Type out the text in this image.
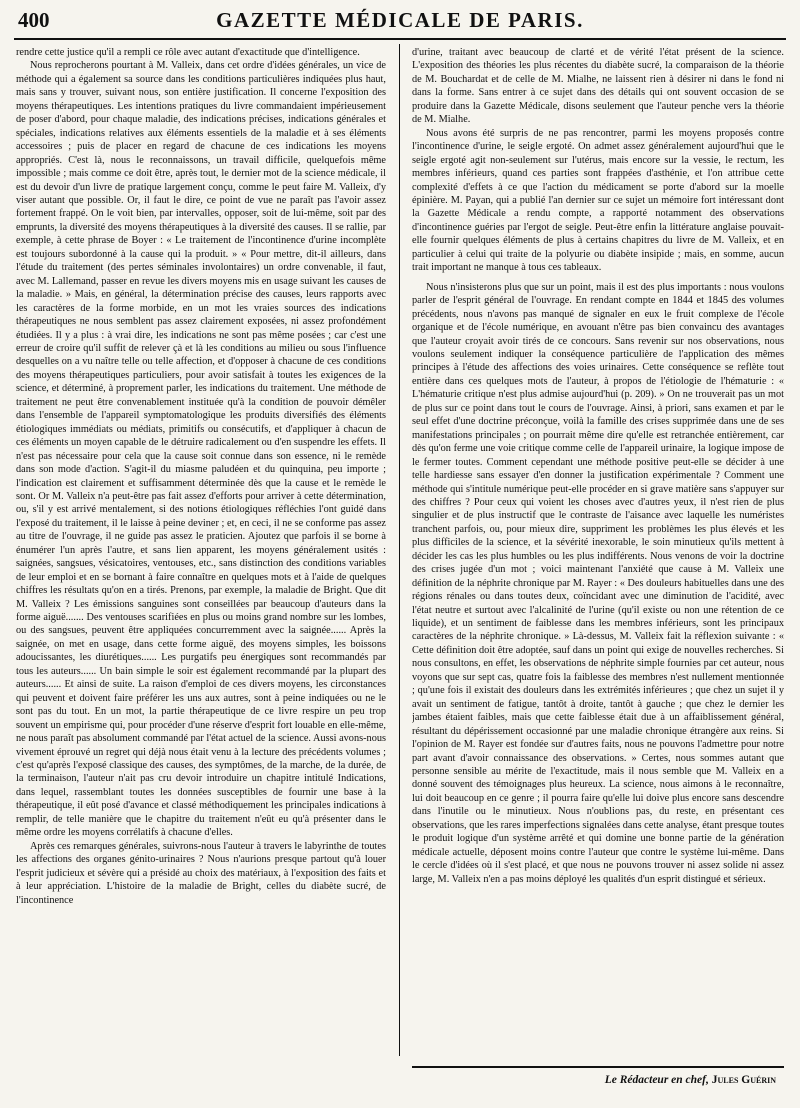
400	GAZETTE MÉDICALE DE PARIS.

rendre cette justice qu'il a rempli ce rôle avec autant d'exactitude que d'intelligence.

Nous reprocherons pourtant à M. Valleix, dans cet ordre d'idées générales, un vice de méthode qui a également sa source dans les conditions particulières indiquées plus haut, mais sans y trouver, suivant nous, son entière justification. Il concerne l'exposition des moyens thérapeutiques. Les intentions pratiques du livre commandaient impérieusement de poser d'abord, pour chaque maladie, des indications précises, indications générales et spéciales, indications relatives aux éléments essentiels de la maladie et à ses éléments accessoires ; puis de placer en regard de chacune de ces indications les moyens appropriés. C'est là, nous le reconnaissons, un travail difficile, quelquefois même impossible ; mais comme ce doit être, après tout, le dernier mot de la science médicale, il est du devoir d'un livre de pratique largement conçu, comme le peut faire M. Valleix, d'y viser autant que possible. Or, il faut le dire, ce point de vue ne paraît pas l'avoir assez fortement frappé. On le voit bien, par intervalles, opposer, soit de lui-même, soit par des emprunts, la diversité des moyens thérapeutiques à la diversité des causes. Il se rallie, par exemple, à cette phrase de Boyer : « Le traitement de l'incontinence d'urine incomplète est toujours subordonné à la cause qui la produit. » « Pour mettre, dit-il ailleurs, dans l'étude du traitement (des pertes séminales involontaires) un ordre convenable, il faut, avec M. Lallemand, passer en revue les divers moyens mis en usage suivant les causes de la maladie. » Mais, en général, la détermination précise des causes, leurs rapports avec les caractères de la forme morbide, en un mot les vraies sources des indications thérapeutiques ne nous semblent pas assez clairement exposées, ni assez profondément étudiées. Il y a plus : à vrai dire, les indications ne sont pas même posées ; car c'est une erreur de croire qu'il suffit de relever çà et là les conditions au milieu ou sous l'influence desquelles on a vu naître telle ou telle affection, et d'opposer à chacune de ces conditions des moyens thérapeutiques particuliers, pour avoir satisfait à toutes les exigences de la science, et déterminé, à proprement parler, les indications du traitement. Une méthode de traitement ne peut être convenablement instituée qu'à la condition de pouvoir démêler dans l'ensemble de l'appareil symptomatologique les produits diversifiés des éléments étiologiques immédiats ou médiats, primitifs ou consécutifs, et d'appliquer à chacun de ces éléments un moyen capable de le détruire radicalement ou d'en suspendre les effets. Il n'est pas nécessaire pour cela que la cause soit connue dans son essence, ni le remède dans son mode d'action. S'agit-il du miasme paludéen et du quinquina, peu importe ; l'indication est clairement et suffisamment déterminée dès que la cause et le remède le sont. Or M. Valleix n'a peut-être pas fait assez d'efforts pour arriver à cette détermination, ou, s'il y est arrivé mentalement, si des notions étiologiques réfléchies l'ont guidé dans l'exposé du traitement, il le laisse à peine deviner ; et, en ceci, il ne se conforme pas assez au titre de l'ouvrage, il ne guide pas assez le praticien. Ajoutez que parfois il se borne à énumérer l'un après l'autre, et sans lien apparent, les moyens généralement usités : saignées, sangsues, vésicatoires, ventouses, etc., sans distinction des conditions variables de leur emploi et en se bornant à faire connaître en quelques mots et à l'aide de quelques chiffres les résultats qu'on en a tirés. Prenons, par exemple, la maladie de Bright. Que dit M. Valleix ? Les émissions sanguines sont conseillées par beaucoup d'auteurs dans la forme aiguë....... Des ventouses scarifiées en plus ou moins grand nombre sur les lombes, ou des sangsues, peuvent être appliquées concurremment avec la saignée...... Après la saignée, on met en usage, dans cette forme aiguë, des moyens simples, les boissons adoucissantes, les diurétiques...... Les purgatifs peu énergiques sont recommandés par tous les auteurs...... Un bain simple le soir est également recommandé par la plupart des auteurs...... Et ainsi de suite. La raison d'emploi de ces divers moyens, les circonstances qui peuvent et doivent faire préférer les uns aux autres, sont à peine indiquées ou ne le sont pas du tout. En un mot, la partie thérapeutique de ce livre respire un peu trop souvent un empirisme qui, pour procéder d'une réserve d'esprit fort louable en elle-même, ne nous paraît pas absolument commandé par l'état actuel de la science. Aussi avons-nous vivement éprouvé un regret qui déjà nous était venu à la lecture des précédents volumes ; c'est qu'après l'exposé classique des causes, des symptômes, de la marche, de la durée, de la terminaison, l'auteur n'ait pas cru devoir introduire un chapitre intitulé Indications, dans lequel, rassemblant toutes les données susceptibles de fournir une base à la thérapeutique, il eût posé d'avance et classé méthodiquement les principales indications à remplir, de telle manière que le chapitre du traitement n'eût eu qu'à présenter dans le même ordre les moyens corrélatifs à chacune d'elles.

Après ces remarques générales, suivrons-nous l'auteur à travers le labyrinthe de toutes les affections des organes génito-urinaires ? Nous n'aurions presque partout qu'à louer l'esprit judicieux et sévère qui a présidé au choix des matériaux, à l'exposition des faits et à leur appréciation. L'histoire de la maladie de Bright, celles du diabète sucré, de l'incontinence

d'urine, traitant avec beaucoup de clarté et de vérité l'état présent de la science. L'exposition des théories les plus récentes du diabète sucré, la comparaison de la théorie de M. Bouchardat et de celle de M. Mialhe, ne laissent rien à désirer ni dans le fond ni dans la forme. Sans entrer à ce sujet dans des détails qui ont souvent occasion de se produire dans la Gazette Médicale, disons seulement que l'auteur penche vers la théorie de M. Mialhe.

Nous avons été surpris de ne pas rencontrer, parmi les moyens proposés contre l'incontinence d'urine, le seigle ergoté. On admet assez généralement aujourd'hui que le seigle ergoté agit non-seulement sur l'utérus, mais encore sur la vessie, le rectum, les membres inférieurs, quand ces parties sont frappées d'asthénie, et l'on attribue cette complexité d'effets à ce que l'action du médicament se porte d'abord sur la moelle épinière. M. Payan, qui a publié l'an dernier sur ce sujet un mémoire fort intéressant dont la Gazette Médicale a rendu compte, a rapporté notamment des observations d'incontinence guéries par l'ergot de seigle. Peut-être enfin la littérature anglaise pouvait-elle fournir quelques éléments de plus à certains chapitres du livre de M. Valleix, et en particulier à celui qui traite de la polyurie ou diabète insipide ; mais, en somme, aucun trait important ne manque à tous ces tableaux.

Nous n'insisterons plus que sur un point, mais il est des plus importants : nous voulons parler de l'esprit général de l'ouvrage. En rendant compte en 1844 et 1845 des volumes précédents, nous n'avons pas manqué de signaler en eux le fruit complexe de l'école organique et de l'école numérique, en avouant n'être pas bien convaincu des avantages que l'auteur croyait avoir tirés de ce concours. Sans revenir sur nos observations, nous voulons seulement indiquer la conséquence particulière de l'application des mêmes principes à l'étude des affections des voies urinaires. Cette conséquence se reflète tout entière dans ces quelques mots de l'auteur, à propos de l'étiologie de l'hématurie : « L'hématurie critique n'est plus admise aujourd'hui (p. 209). » On ne trouverait pas un mot de plus sur ce point dans tout le cours de l'ouvrage. Ainsi, à priori, sans examen et par le seul effet d'une doctrine préconçue, voilà la famille des crises supprimée dans une de ses manifestations principales ; on pourrait même dire qu'elle est retranchée entièrement, car dès qu'on ferme une voie critique comme celle de l'appareil urinaire, la logique impose de le fermer toutes. Comment cependant une méthode positive peut-elle se décider à une telle hardiesse sans essayer d'en donner la justification expérimentale ? Comment une méthode qui s'intitule numérique peut-elle procéder en si grave matière sans s'appuyer sur des chiffres ? Pour ceux qui voient les choses avec d'autres yeux, il n'est rien de plus singulier et de plus instructif que le contraste de l'aisance avec laquelle les numéristes tranchent parfois, ou, pour mieux dire, suppriment les problèmes les plus élevés et les plus difficiles de la science, et la sévérité inexorable, le soin minutieux qu'ils mettent à décider les cas les plus humbles ou les plus indifférents. Nous venons de voir la doctrine des crises jugée d'un mot ; voici maintenant l'anxiété que cause à M. Valleix une définition de la néphrite chronique par M. Rayer : « Des douleurs habituelles dans une des régions rénales ou dans toutes deux, coïncidant avec une diminution de l'acidité, avec l'état neutre et surtout avec l'alcalinité de l'urine (qu'il existe ou non une rétention de ce liquide), et un sentiment de faiblesse dans les membres inférieurs, sont les principaux caractères de la néphrite chronique. » Là-dessus, M. Valleix fait la réflexion suivante : « Cette définition doit être adoptée, sauf dans un point qui exige de nouvelles recherches. Si nous consultons, en effet, les observations de néphrite simple fournies par cet auteur, nous voyons que sur sept cas, quatre fois la faiblesse des membres n'est nullement mentionnée ; qu'une fois il existait des douleurs dans les extrémités inférieures ; que chez un sujet il y avait un sentiment de fatigue, tantôt à droite, tantôt à gauche ; que chez le dernier les jambes étaient faibles, mais que cette faiblesse était due à un affaiblissement général, résultant du dépérissement occasionné par une maladie chronique étrangère aux reins. Si l'opinion de M. Rayer est fondée sur d'autres faits, nous ne pouvons l'admettre pour notre part avant d'avoir connaissance des observations. » Certes, nous sommes autant que personne sensible au mérite de l'exactitude, mais il nous semble que M. Valleix en a donné souvent des témoignages plus heureux. La science, nous aimons à le reconnaître, lui doit beaucoup en ce genre ; il pourra faire qu'elle lui doive plus encore sans descendre dans l'inutile ou le minutieux. Nous n'oublions pas, du reste, en présentant ces observations, que les rares imperfections signalées dans cette analyse, étant presque toutes le produit logique d'un système arrêté et qui domine une bonne partie de la génération médicale actuelle, déposent moins contre l'auteur que contre le système lui-même. Dans le cercle d'idées où il s'est placé, et que nous ne pouvons trouver ni assez solide ni assez large, M. Valleix n'en a pas moins déployé les qualités d'un esprit distingué et sérieux.

Le Rédacteur en chef, Jules Guérin
